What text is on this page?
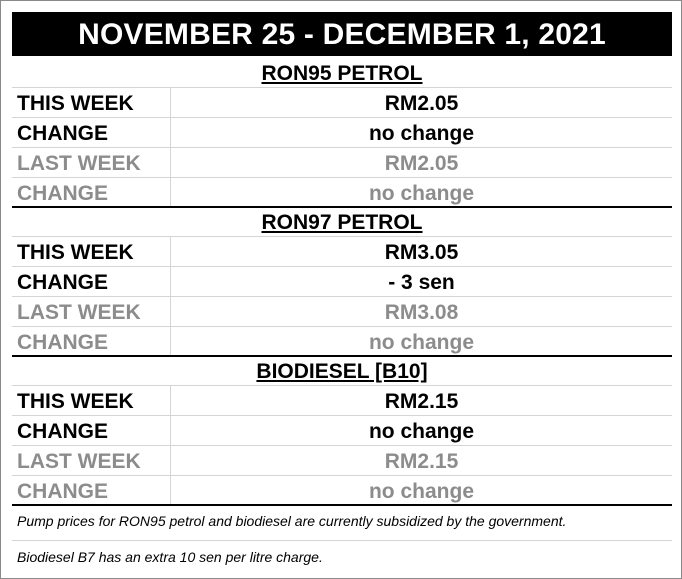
NOVEMBER 25 - DECEMBER 1, 2021
RON95 PETROL
THIS WEEK	RM2.05
CHANGE	no change
LAST WEEK	RM2.05
CHANGE	no change
RON97 PETROL
THIS WEEK	RM3.05
CHANGE	- 3 sen
LAST WEEK	RM3.08
CHANGE	no change
BIODIESEL [B10]
THIS WEEK	RM2.15
CHANGE	no change
LAST WEEK	RM2.15
CHANGE	no change
Pump prices for RON95 petrol and biodiesel are currently subsidized by the government.
Biodiesel B7 has an extra 10 sen per litre charge.
